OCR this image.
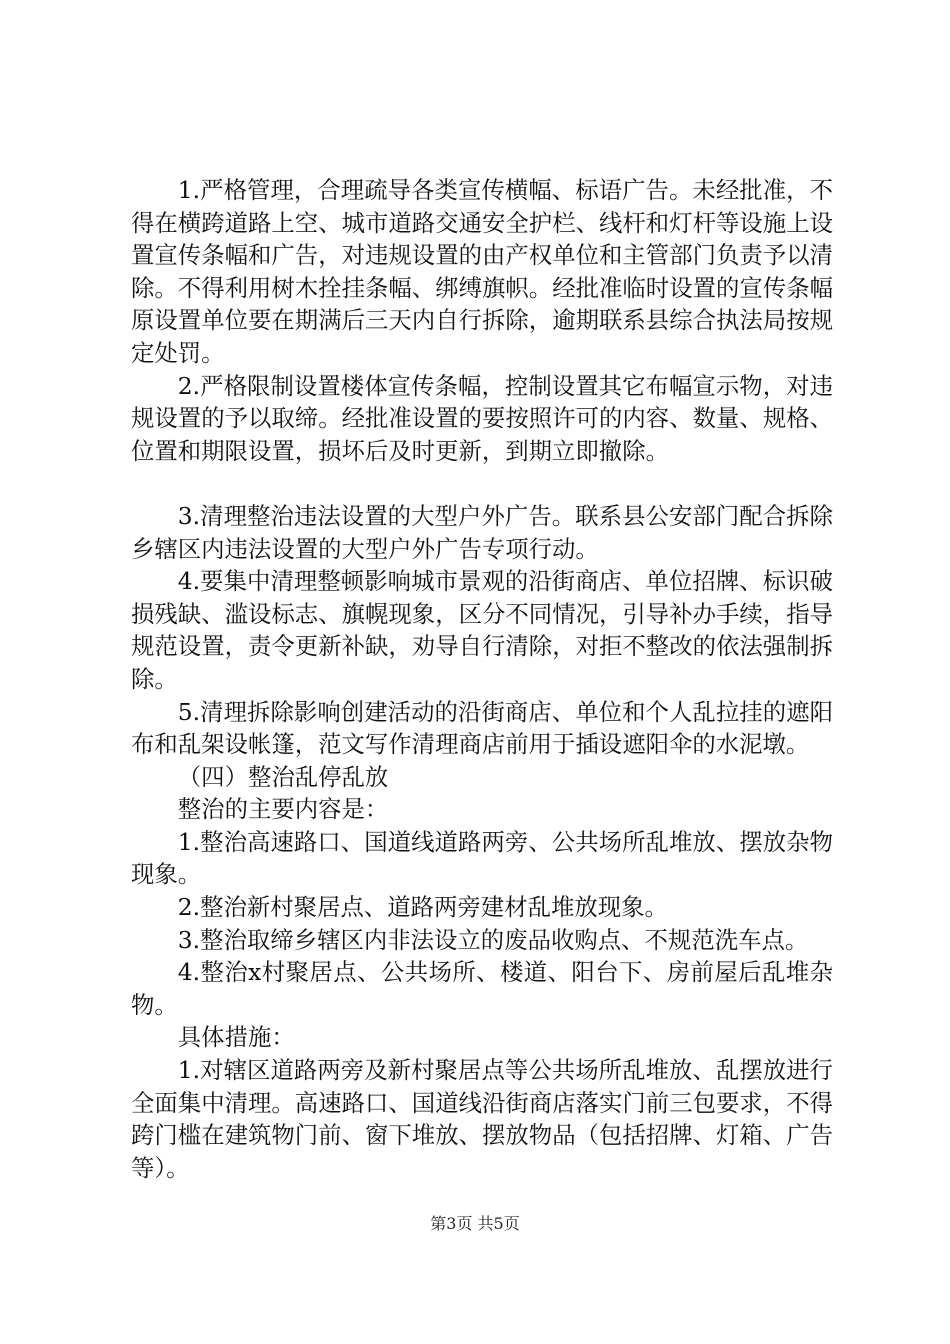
1.严格管理，合理疏导各类宣传横幅、标语广告。未经批准，不得在横跨道路上空、城市道路交通安全护栏、线杆和灯杆等设施上设置宣传条幅和广告，对违规设置的由产权单位和主管部门负责予以清除。不得利用树木拴挂条幅、绑缚旗帜。经批准临时设置的宣传条幅原设置单位要在期满后三天内自行拆除，逾期联系县综合执法局按规定处罚。

2.严格限制设置楼体宣传条幅，控制设置其它布幅宣示物，对违规设置的予以取缔。经批准设置的要按照许可的内容、数量、规格、位置和期限设置，损坏后及时更新，到期立即撤除。

3.清理整治违法设置的大型户外广告。联系县公安部门配合拆除乡辖区内违法设置的大型户外广告专项行动。

4.要集中清理整顿影响城市景观的沿街商店、单位招牌、标识破损残缺、滥设标志、旗幌现象，区分不同情况，引导补办手续，指导规范设置，责令更新补缺，劝导自行清除，对拒不整改的依法强制拆除。

5.清理拆除影响创建活动的沿街商店、单位和个人乱拉挂的遮阳布和乱架设帐篷，范文写作清理商店前用于插设遮阳伞的水泥墩。

（四）整治乱停乱放

整治的主要内容是：

1.整治高速路口、国道线道路两旁、公共场所乱堆放、摆放杂物现象。

2.整治新村聚居点、道路两旁建材乱堆放现象。

3.整治取缔乡辖区内非法设立的废品收购点、不规范洗车点。

4.整治x村聚居点、公共场所、楼道、阳台下、房前屋后乱堆杂物。

具体措施：

1.对辖区道路两旁及新村聚居点等公共场所乱堆放、乱摆放进行全面集中清理。高速路口、国道线沿街商店落实门前三包要求，不得跨门槛在建筑物门前、窗下堆放、摆放物品（包括招牌、灯箱、广告等）。

第3页 共5页
